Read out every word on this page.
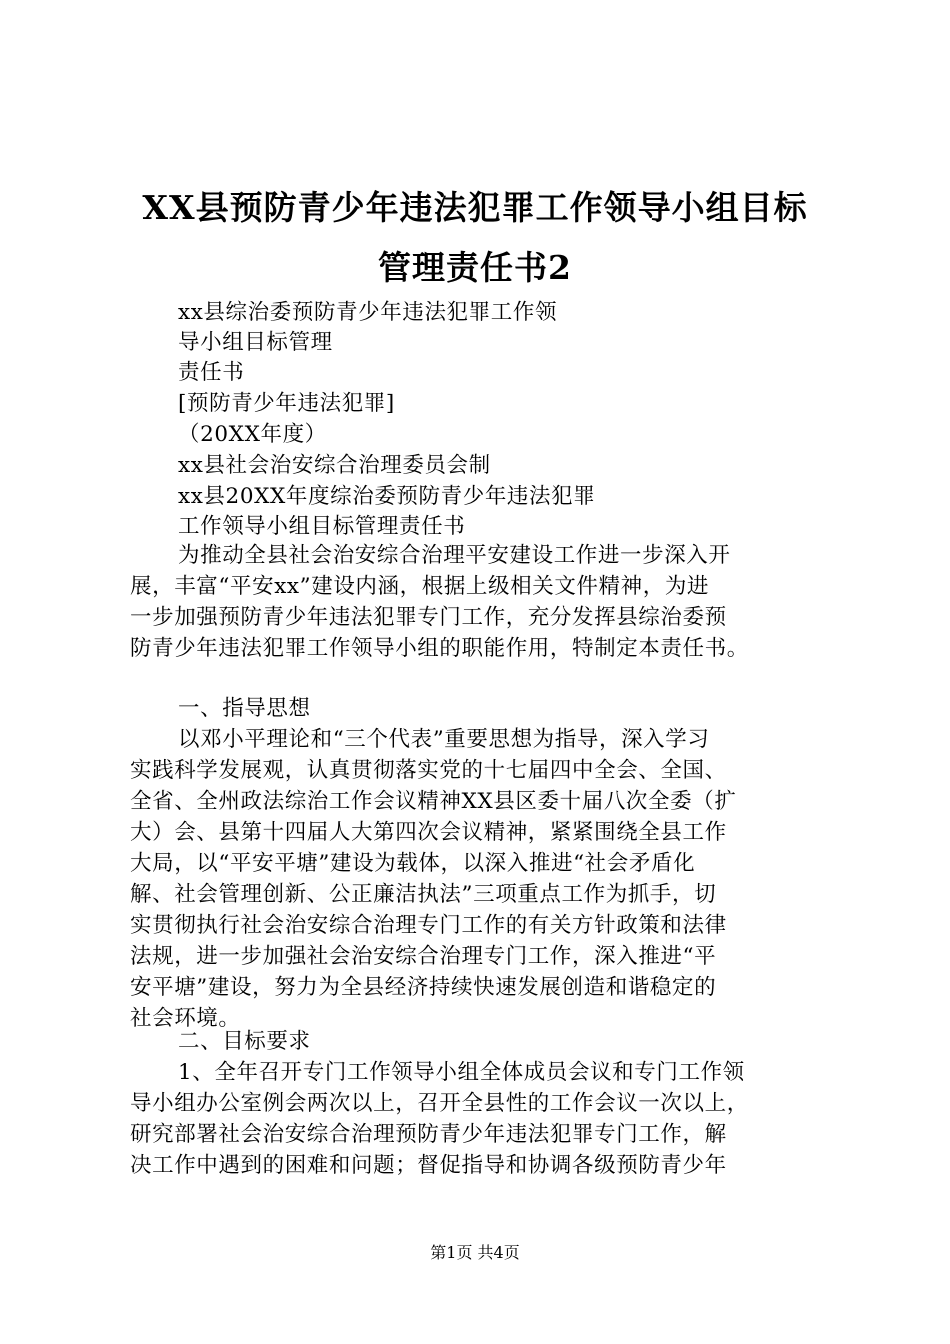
XX县预防青少年违法犯罪工作领导小组目标
管理责任书2
xx县综治委预防青少年违法犯罪工作领
导小组目标管理
责任书
[预防青少年违法犯罪]
（20XX年度）
xx县社会治安综合治理委员会制
xx县20XX年度综治委预防青少年违法犯罪
工作领导小组目标管理责任书
为推动全县社会治安综合治理平安建设工作进一步深入开
展，丰富“平安xx”建设内涵，根据上级相关文件精神，为进
一步加强预防青少年违法犯罪专门工作，充分发挥县综治委预
防青少年违法犯罪工作领导小组的职能作用，特制定本责任书。
一、指导思想
以邓小平理论和“三个代表”重要思想为指导，深入学习
实践科学发展观，认真贯彻落实党的十七届四中全会、全国、
全省、全州政法综治工作会议精神XX县区委十届八次全委（扩
大）会、县第十四届人大第四次会议精神，紧紧围绕全县工作
大局，以“平安平塘”建设为载体，以深入推进“社会矛盾化
解、社会管理创新、公正廉洁执法”三项重点工作为抓手，切
实贯彻执行社会治安综合治理专门工作的有关方针政策和法律
法规，进一步加强社会治安综合治理专门工作，深入推进“平
安平塘”建设，努力为全县经济持续快速发展创造和谐稳定的
社会环境。
二、目标要求
1、全年召开专门工作领导小组全体成员会议和专门工作领
导小组办公室例会两次以上，召开全县性的工作会议一次以上，
研究部署社会治安综合治理预防青少年违法犯罪专门工作，解
决工作中遇到的困难和问题；督促指导和协调各级预防青少年
第1页 共4页
